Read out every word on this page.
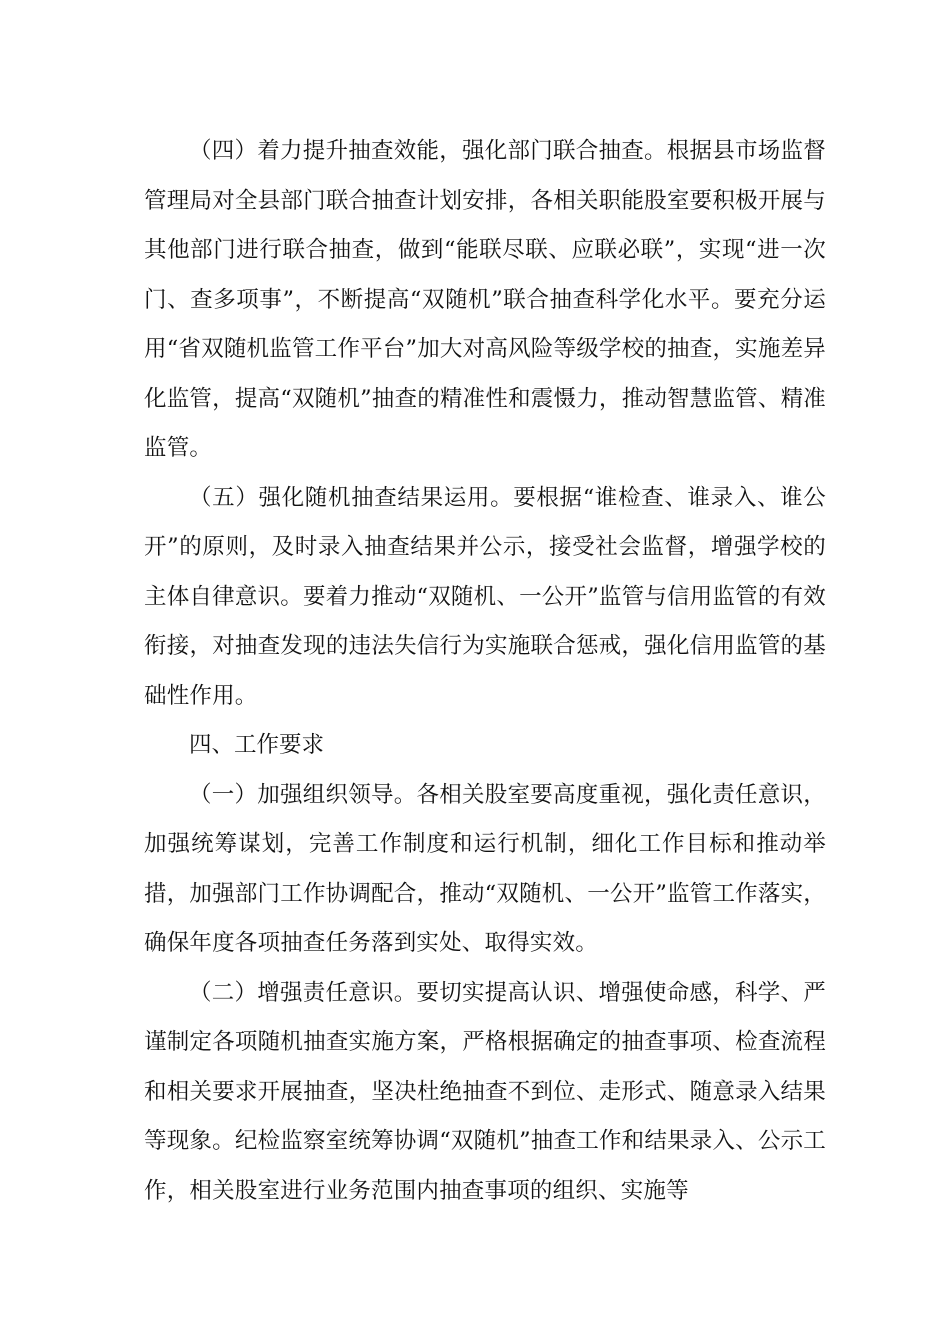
（四）着力提升抽查效能，强化部门联合抽查。根据县市场监督管理局对全县部门联合抽查计划安排，各相关职能股室要积极开展与其他部门进行联合抽查，做到“能联尽联、应联必联”，实现“进一次门、查多项事”，不断提高“双随机”联合抽查科学化水平。要充分运用“省双随机监管工作平台”加大对高风险等级学校的抽查，实施差异化监管，提高“双随机”抽查的精准性和震慑力，推动智慧监管、精准监管。

（五）强化随机抽查结果运用。要根据“谁检查、谁录入、谁公开”的原则，及时录入抽查结果并公示，接受社会监督，增强学校的主体自律意识。要着力推动“双随机、一公开”监管与信用监管的有效衔接，对抽查发现的违法失信行为实施联合惩戒，强化信用监管的基础性作用。

四、工作要求

（一）加强组织领导。各相关股室要高度重视，强化责任意识，加强统筹谋划，完善工作制度和运行机制，细化工作目标和推动举措，加强部门工作协调配合，推动“双随机、一公开”监管工作落实，确保年度各项抽查任务落到实处、取得实效。

（二）增强责任意识。要切实提高认识、增强使命感，科学、严谨制定各项随机抽查实施方案，严格根据确定的抽查事项、检查流程和相关要求开展抽查，坚决杜绝抽查不到位、走形式、随意录入结果等现象。纪检监察室统筹协调“双随机”抽查工作和结果录入、公示工作，相关股室进行业务范围内抽查事项的组织、实施等
